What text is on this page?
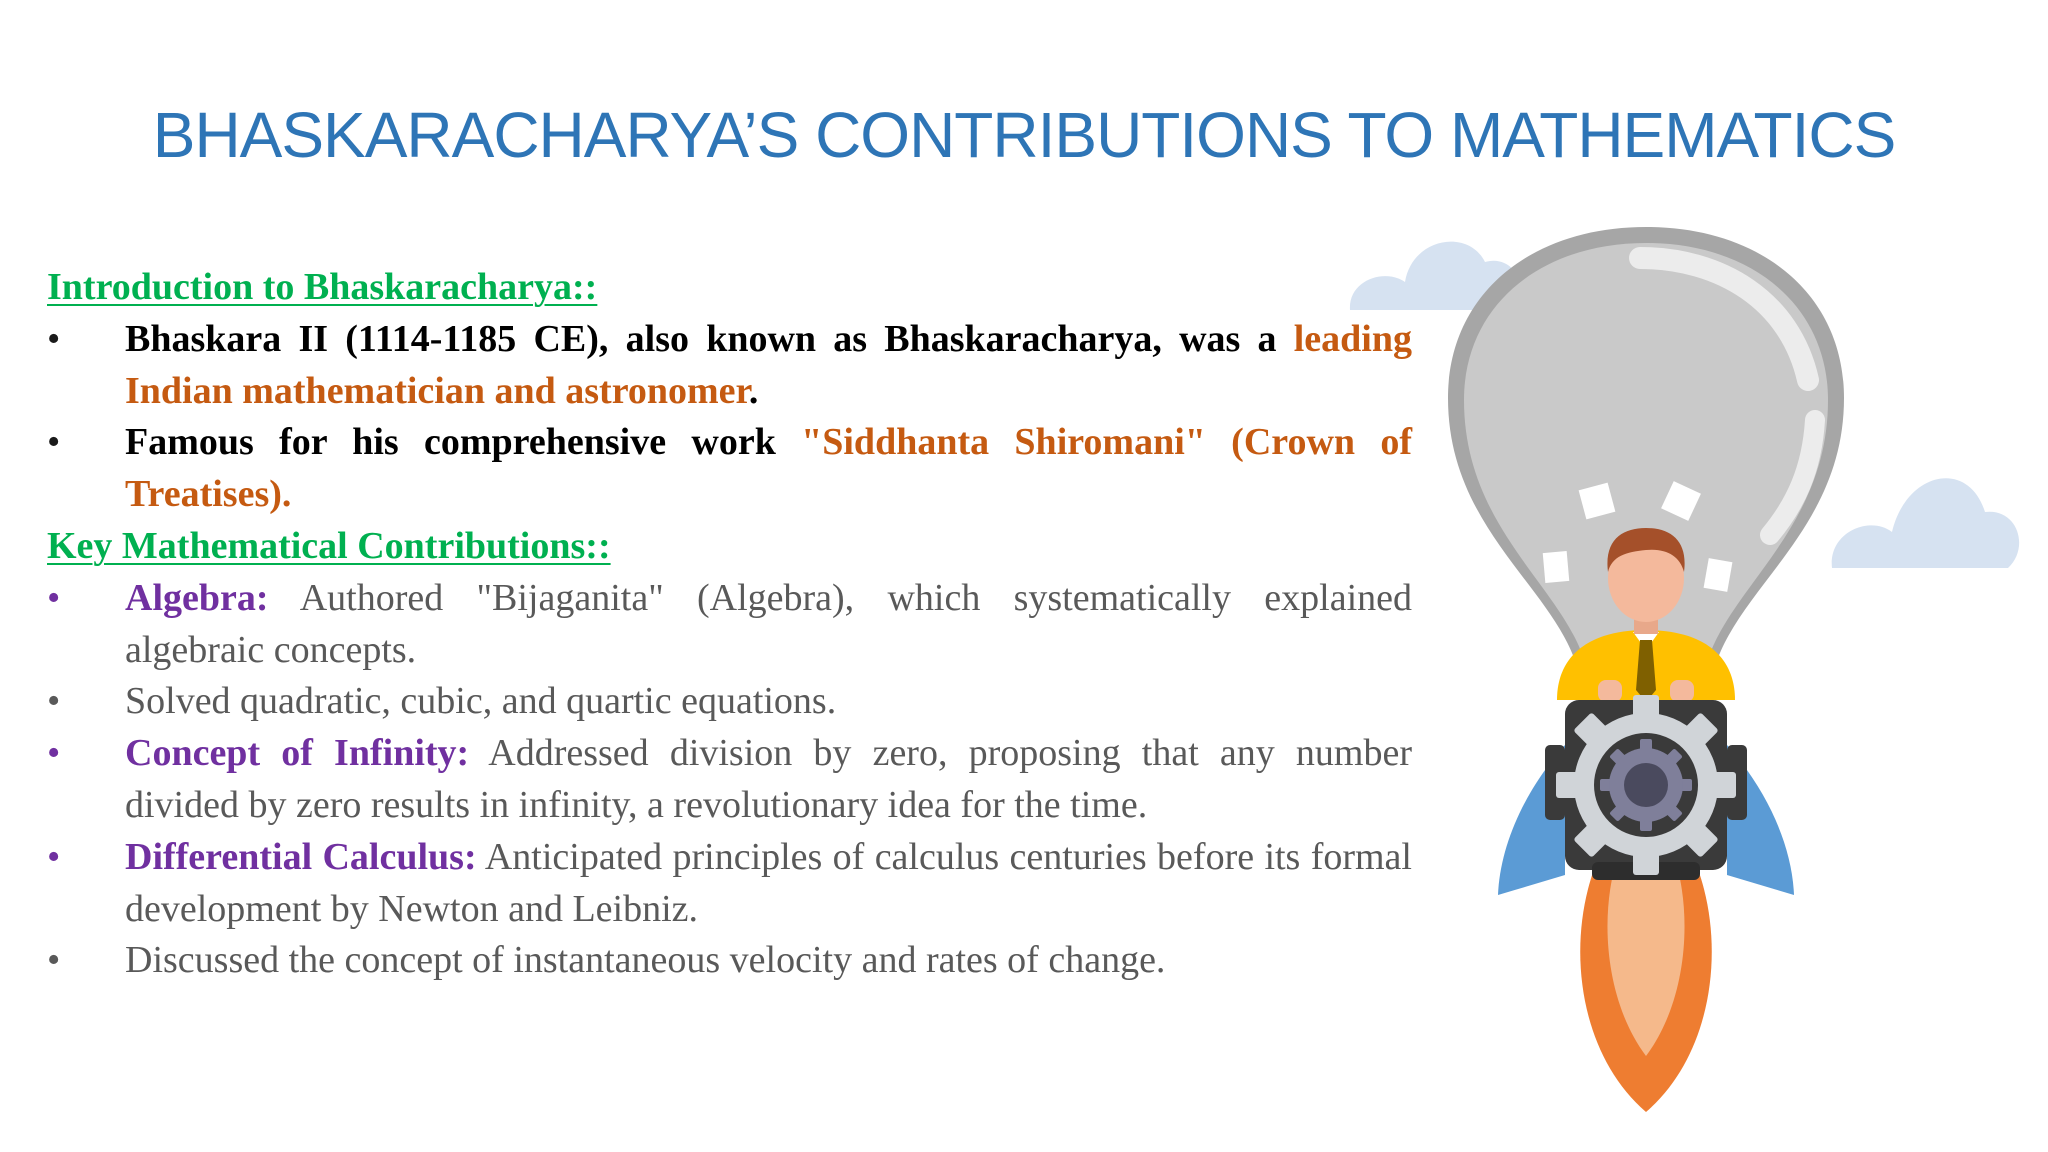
BHASKARACHARYA’S CONTRIBUTIONS TO MATHEMATICS
Introduction to Bhaskaracharya::
• Bhaskara II (1114-1185 CE), also known as Bhaskaracharya, was a leading Indian mathematician and astronomer.
• Famous for his comprehensive work "Siddhanta Shiromani" (Crown of Treatises).
Key Mathematical Contributions::
• Algebra: Authored "Bijaganita" (Algebra), which systematically explained algebraic concepts.
• Solved quadratic, cubic, and quartic equations.
• Concept of Infinity: Addressed division by zero, proposing that any number divided by zero results in infinity, a revolutionary idea for the time.
• Differential Calculus: Anticipated principles of calculus centuries before its formal development by Newton and Leibniz.
• Discussed the concept of instantaneous velocity and rates of change.
